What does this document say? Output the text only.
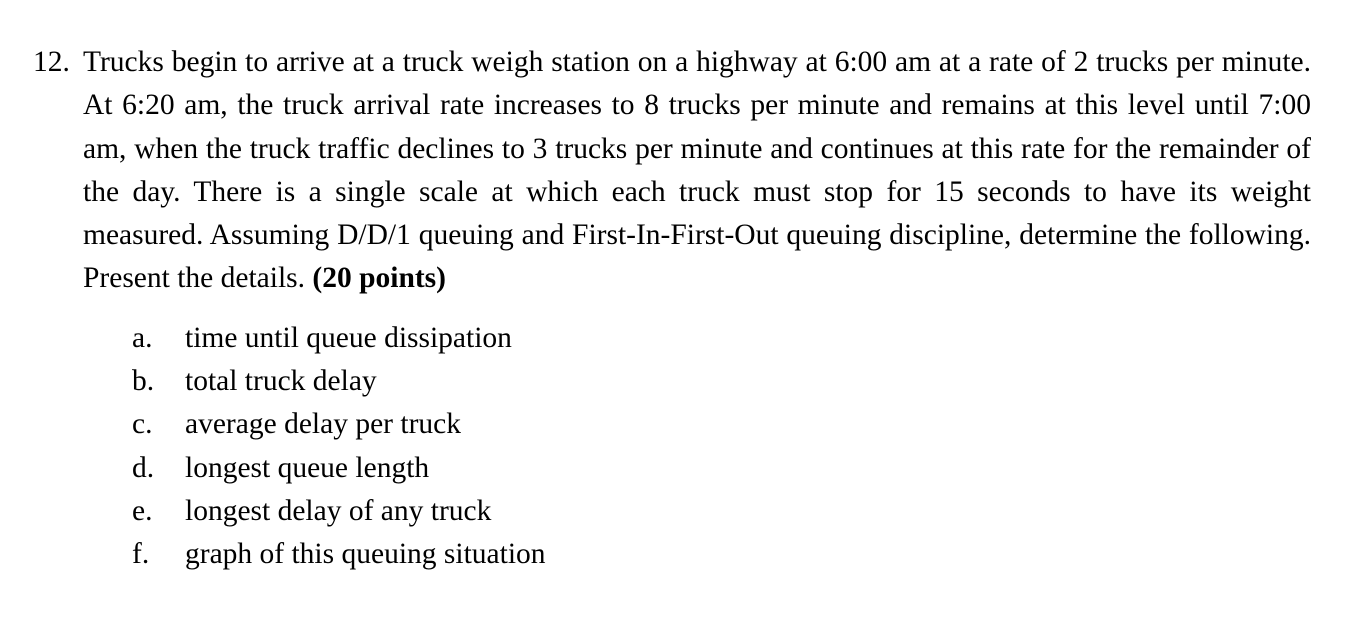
12. Trucks begin to arrive at a truck weigh station on a highway at 6:00 am at a rate of 2 trucks per minute. At 6:20 am, the truck arrival rate increases to 8 trucks per minute and remains at this level until 7:00 am, when the truck traffic declines to 3 trucks per minute and continues at this rate for the remainder of the day. There is a single scale at which each truck must stop for 15 seconds to have its weight measured. Assuming D/D/1 queuing and First-In-First-Out queuing discipline, determine the following. Present the details. (20 points)

a.	time until queue dissipation
b.	total truck delay
c.	average delay per truck
d.	longest queue length
e.	longest delay of any truck
f.	graph of this queuing situation
